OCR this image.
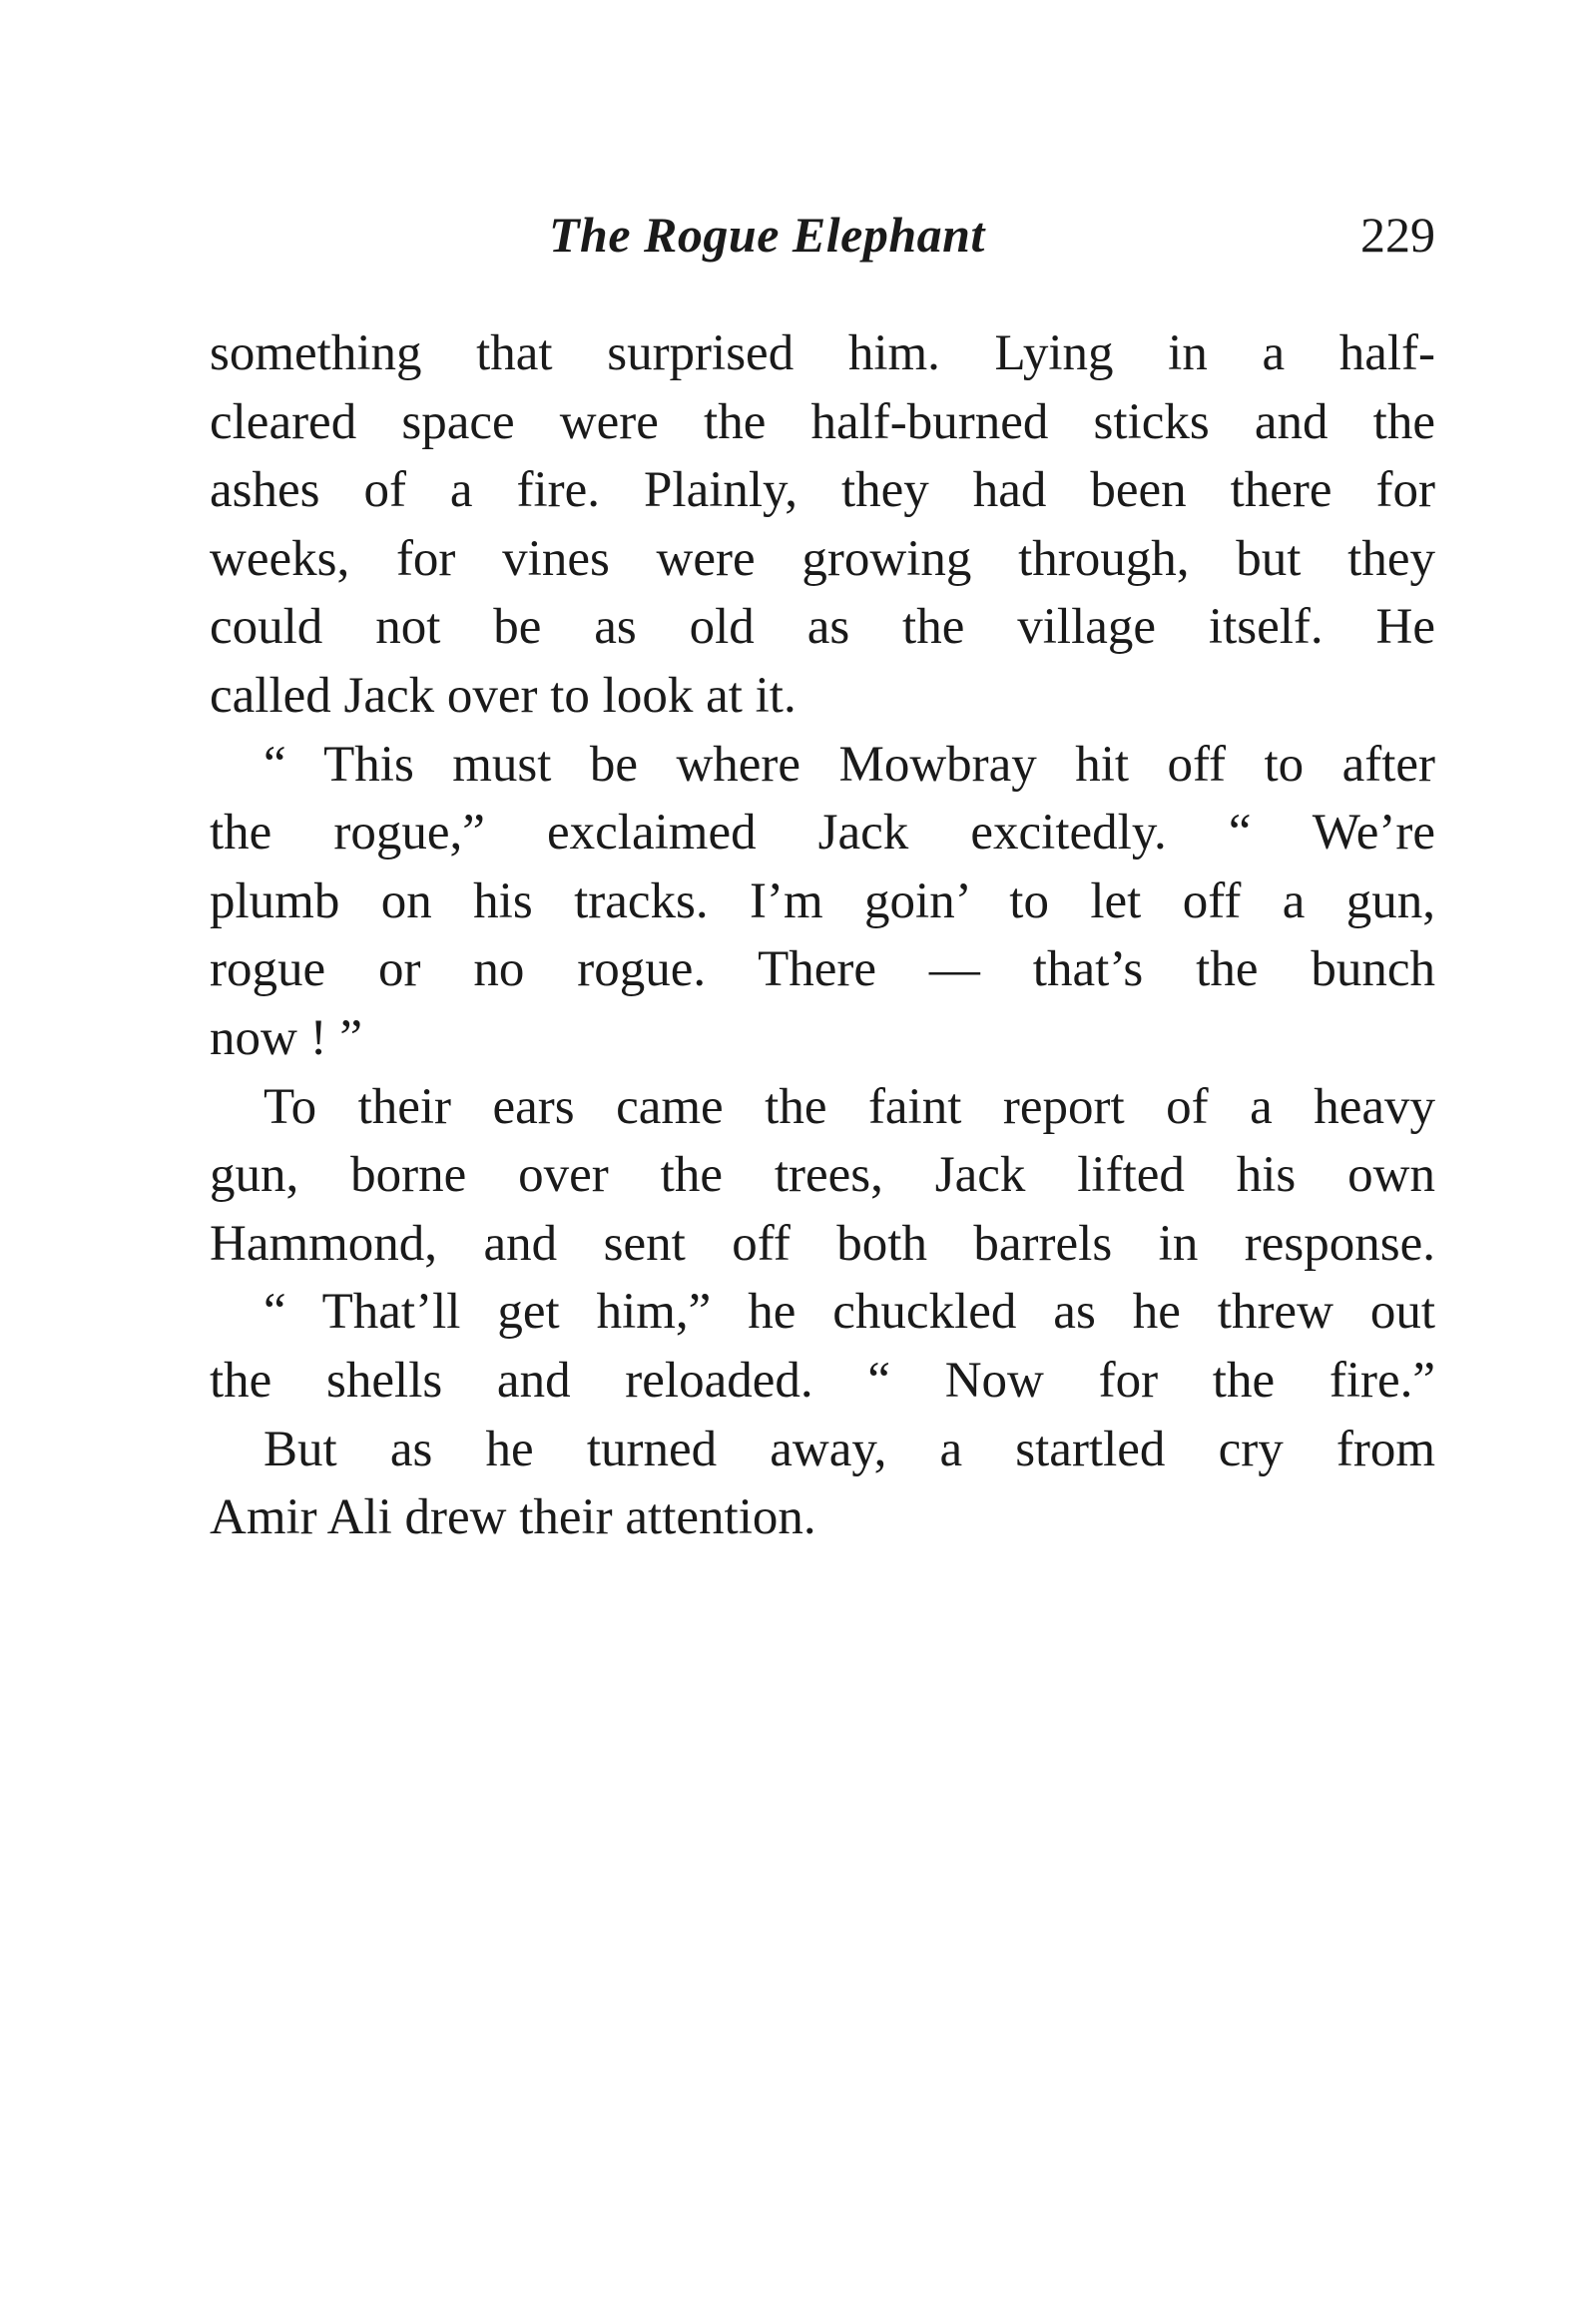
The Rogue Elephant	229
something that surprised him. Lying in a half-
cleared space were the half-burned sticks and the
ashes of a fire. Plainly, they had been there for
weeks, for vines were growing through, but they
could not be as old as the village itself. He
called Jack over to look at it.
“ This must be where Mowbray hit off to after
the rogue,” exclaimed Jack excitedly. “ We’re
plumb on his tracks. I’m goin’ to let off a gun,
rogue or no rogue. There — that’s the bunch
now ! ”
To their ears came the faint report of a heavy
gun, borne over the trees, Jack lifted his own
Hammond, and sent off both barrels in response.
“ That’ll get him,” he chuckled as he threw out
the shells and reloaded. “ Now for the fire.”
But as he turned away, a startled cry from
Amir Ali drew their attention.
